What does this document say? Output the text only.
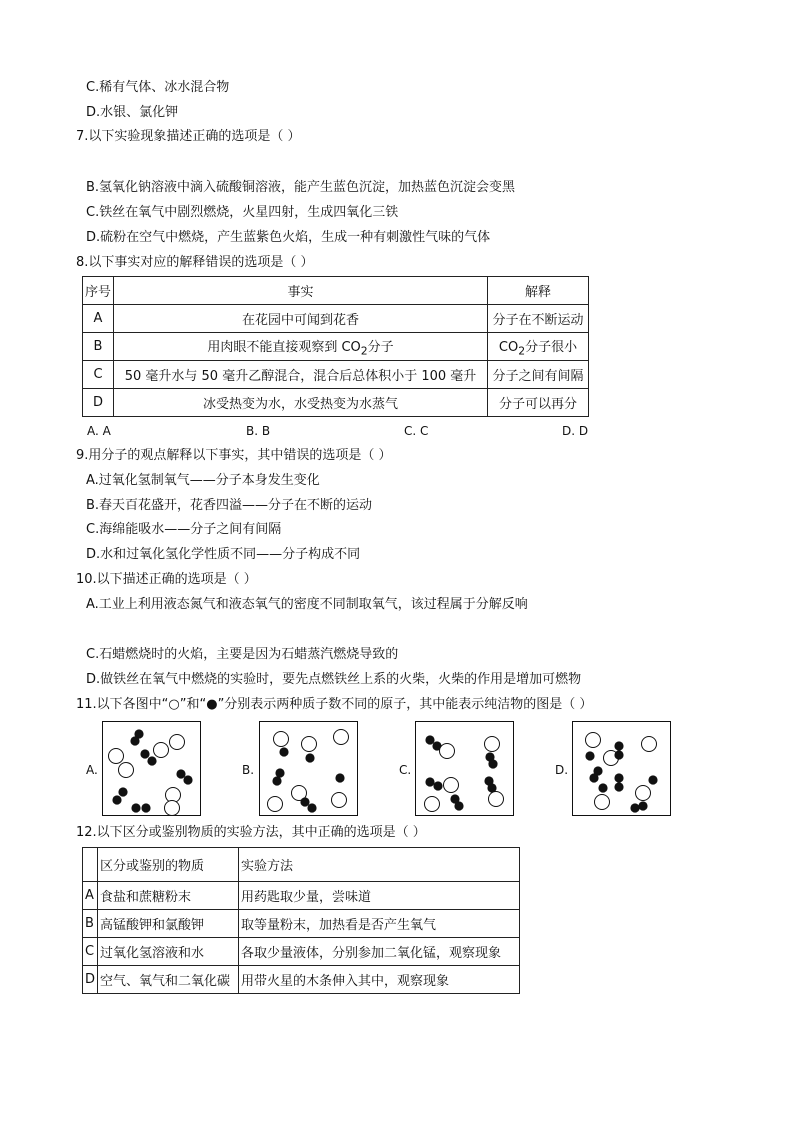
C.稀有气体、冰水混合物
D.水银、氯化钾
7.以下实验现象描述正确的选项是（ ）
B.氢氧化钠溶液中滴入硫酸铜溶液，能产生蓝色沉淀，加热蓝色沉淀会变黑
C.铁丝在氧气中剧烈燃烧，火星四射，生成四氧化三铁
D.硫粉在空气中燃烧，产生蓝紫色火焰，生成一种有刺激性气味的气体
8.以下事实对应的解释错误的选项是（ ）
序号	事实	解释
A	在花园中可闻到花香	分子在不断运动
B	用肉眼不能直接观察到 $CO_2$分子	$CO_2$分子很小
C	50 毫升水与 50 毫升乙醇混合，混合后总体积小于 100 毫升	分子之间有间隔
D	冰受热变为水，水受热变为水蒸气	分子可以再分
A. A	B. B	C. C	D. D
9.用分子的观点解释以下事实，其中错误的选项是（ ）
A.过氧化氢制氧气——分子本身发生变化
B.春天百花盛开，花香四溢——分子在不断的运动
C.海绵能吸水——分子之间有间隔
D.水和过氧化氢化学性质不同——分子构成不同
10.以下描述正确的选项是（ ）
A.工业上利用液态氮气和液态氧气的密度不同制取氧气，该过程属于分解反响
C.石蜡燃烧时的火焰，主要是因为石蜡蒸汽燃烧导致的
D.做铁丝在氧气中燃烧的实验时，要先点燃铁丝上系的火柴，火柴的作用是增加可燃物
11.以下各图中“○”和“●”分别表示两种质子数不同的原子，其中能表示纯洁物的图是（ ）
A.	B.	C.	D.
12.以下区分或鉴别物质的实验方法，其中正确的选项是（ ）
	区分或鉴别的物质	实验方法
A	食盐和蔗糖粉末	用药匙取少量，尝味道
B	高锰酸钾和氯酸钾	取等量粉末，加热看是否产生氧气
C	过氧化氢溶液和水	各取少量液体，分别参加二氧化锰，观察现象
D	空气、氧气和二氧化碳	用带火星的木条伸入其中，观察现象
